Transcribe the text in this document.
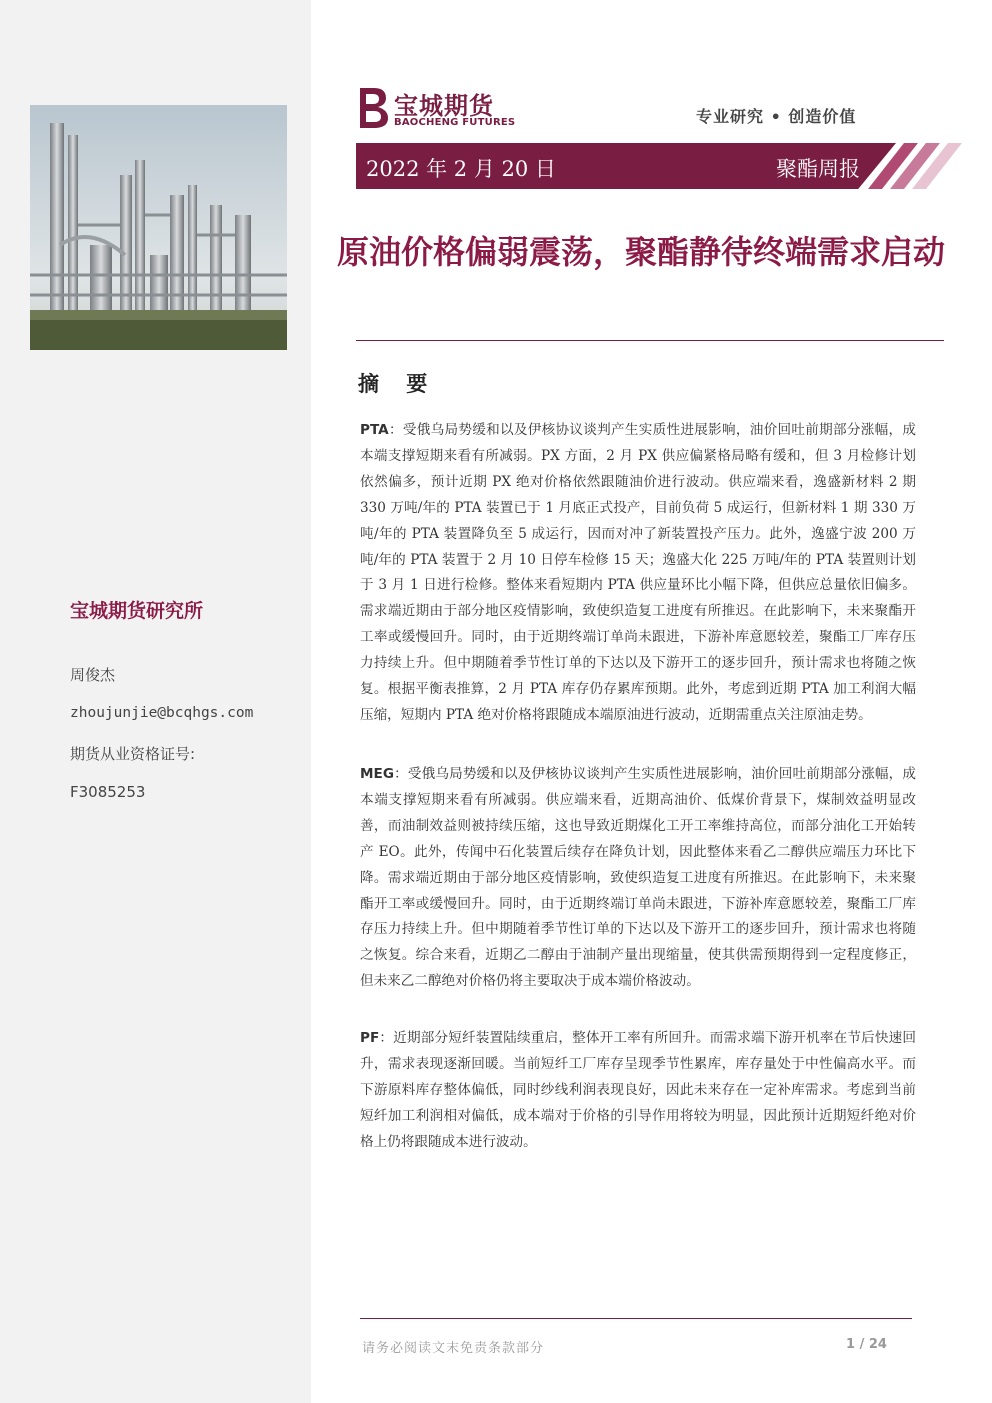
宝城期货研究所
周俊杰
zhoujunjie@bcqhgs.com
期货从业资格证号:
F3085253
宝城期货
BAOCHENG FUTURES	专业研究 • 创造价值
2022 年 2 月 20 日	聚酯周报
原油价格偏弱震荡，聚酯静待终端需求启动
摘 要

PTA：受俄乌局势缓和以及伊核协议谈判产生实质性进展影响，油价回吐前期部分涨幅，成本端支撑短期来看有所减弱。PX 方面，2 月 PX 供应偏紧格局略有缓和，但 3 月检修计划依然偏多，预计近期 PX 绝对价格依然跟随油价进行波动。供应端来看，逸盛新材料 2 期 330 万吨/年的 PTA 装置已于 1 月底正式投产，目前负荷 5 成运行，但新材料 1 期 330 万吨/年的 PTA 装置降负至 5 成运行，因而对冲了新装置投产压力。此外，逸盛宁波 200 万吨/年的 PTA 装置于 2 月 10 日停车检修 15 天；逸盛大化 225 万吨/年的 PTA 装置则计划于 3 月 1 日进行检修。整体来看短期内 PTA 供应量环比小幅下降，但供应总量依旧偏多。需求端近期由于部分地区疫情影响，致使织造复工进度有所推迟。在此影响下，未来聚酯开工率或缓慢回升。同时，由于近期终端订单尚未跟进，下游补库意愿较差，聚酯工厂库存压力持续上升。但中期随着季节性订单的下达以及下游开工的逐步回升，预计需求也将随之恢复。根据平衡表推算，2 月 PTA 库存仍存累库预期。此外，考虑到近期 PTA 加工利润大幅压缩，短期内 PTA 绝对价格将跟随成本端原油进行波动，近期需重点关注原油走势。

MEG：受俄乌局势缓和以及伊核协议谈判产生实质性进展影响，油价回吐前期部分涨幅，成本端支撑短期来看有所减弱。供应端来看，近期高油价、低煤价背景下，煤制效益明显改善，而油制效益则被持续压缩，这也导致近期煤化工开工率维持高位，而部分油化工开始转产 EO。此外，传闻中石化装置后续存在降负计划，因此整体来看乙二醇供应端压力环比下降。需求端近期由于部分地区疫情影响，致使织造复工进度有所推迟。在此影响下，未来聚酯开工率或缓慢回升。同时，由于近期终端订单尚未跟进，下游补库意愿较差，聚酯工厂库存压力持续上升。但中期随着季节性订单的下达以及下游开工的逐步回升，预计需求也将随之恢复。综合来看，近期乙二醇由于油制产量出现缩量，使其供需预期得到一定程度修正，但未来乙二醇绝对价格仍将主要取决于成本端价格波动。

PF：近期部分短纤装置陆续重启，整体开工率有所回升。而需求端下游开机率在节后快速回升，需求表现逐渐回暖。当前短纤工厂库存呈现季节性累库，库存量处于中性偏高水平。而下游原料库存整体偏低，同时纱线利润表现良好，因此未来存在一定补库需求。考虑到当前短纤加工利润相对偏低，成本端对于价格的引导作用将较为明显，因此预计近期短纤绝对价格上仍将跟随成本进行波动。

请务必阅读文末免责条款部分	1 / 24
